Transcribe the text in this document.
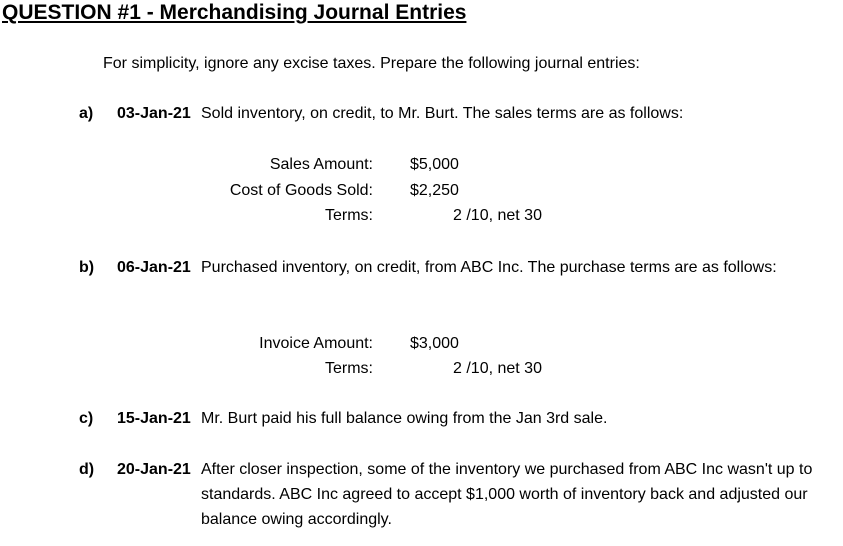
QUESTION #1 - Merchandising Journal Entries
For simplicity, ignore any excise taxes. Prepare the following journal entries:
a) 03-Jan-21 Sold inventory, on credit, to Mr. Burt. The sales terms are as follows:
Sales Amount: $5,000
Cost of Goods Sold: $2,250
Terms:	2 /10, net 30
b) 06-Jan-21 Purchased inventory, on credit, from ABC Inc. The purchase terms are as follows:
Invoice Amount: $3,000
Terms:	2 /10, net 30
c) 15-Jan-21 Mr. Burt paid his full balance owing from the Jan 3rd sale.
d) 20-Jan-21 After closer inspection, some of the inventory we purchased from ABC Inc wasn't up to standards. ABC Inc agreed to accept $1,000 worth of inventory back and adjusted our balance owing accordingly.
